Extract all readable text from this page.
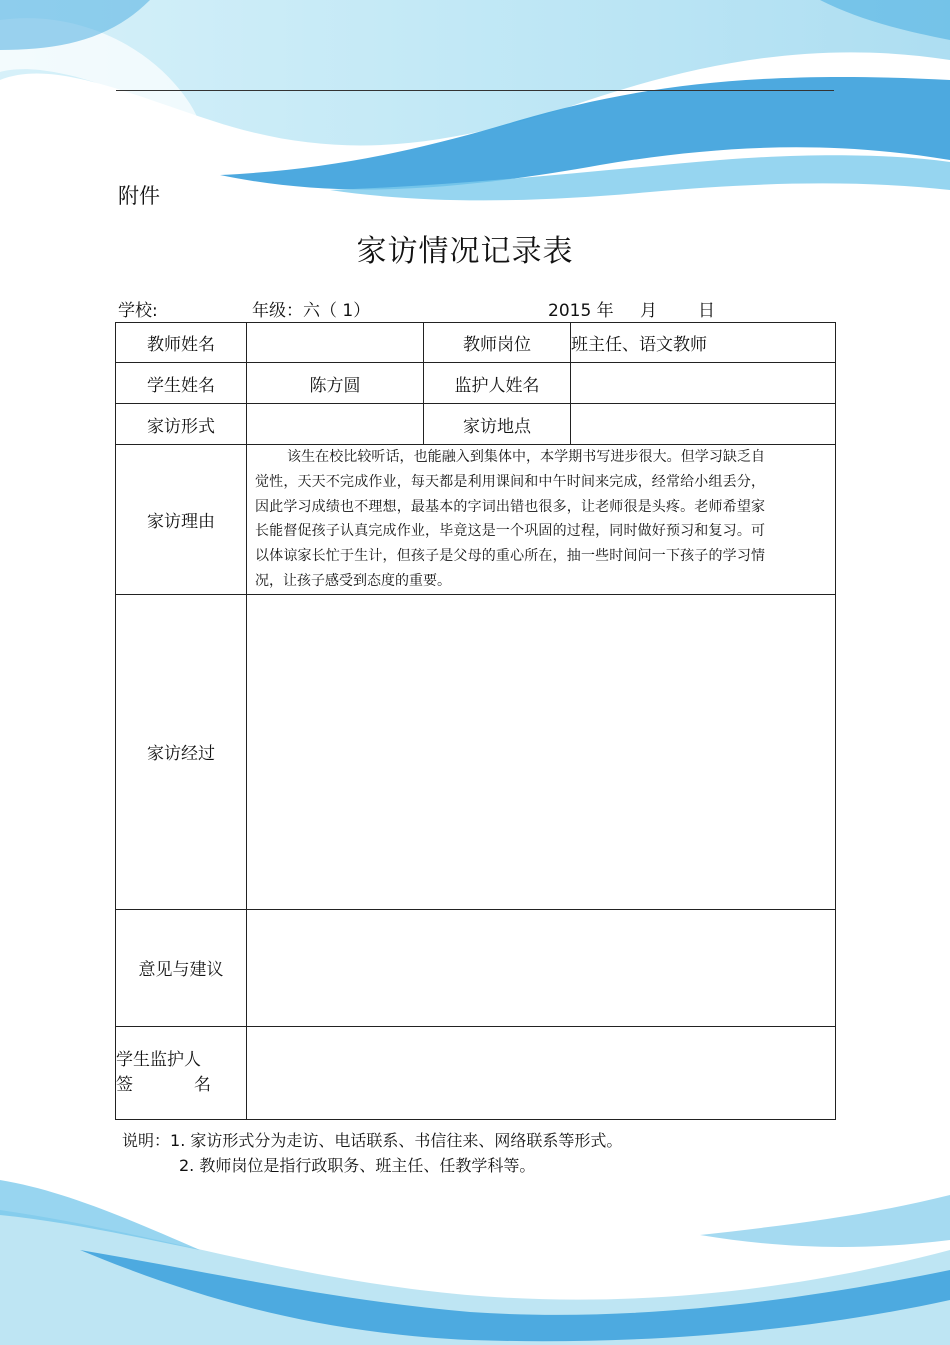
附件
家访情况记录表
学校:	年级：六（ 1）	2015 年 月 日
教师姓名		教师岗位	班主任、语文教师
学生姓名	陈方圆	监护人姓名	
家访形式		家访地点	
家访理由	该生在校比较听话，也能融入到集体中，本学期书写进步很大。但学习缺乏自觉性，天天不完成作业，每天都是利用课间和中午时间来完成，经常给小组丢分，因此学习成绩也不理想，最基本的字词出错也很多，让老师很是头疼。老师希望家长能督促孩子认真完成作业，毕竟这是一个巩固的过程，同时做好预习和复习。可以体谅家长忙于生计，但孩子是父母的重心所在，抽一些时间问一下孩子的学习情况，让孩子感受到态度的重要。		

家访经过			
意见与建议			

学生监护人
签 名			

说明：1. 家访形式分为走访、电话联系、书信往来、网络联系等形式。
2. 教师岗位是指行政职务、班主任、任教学科等。
